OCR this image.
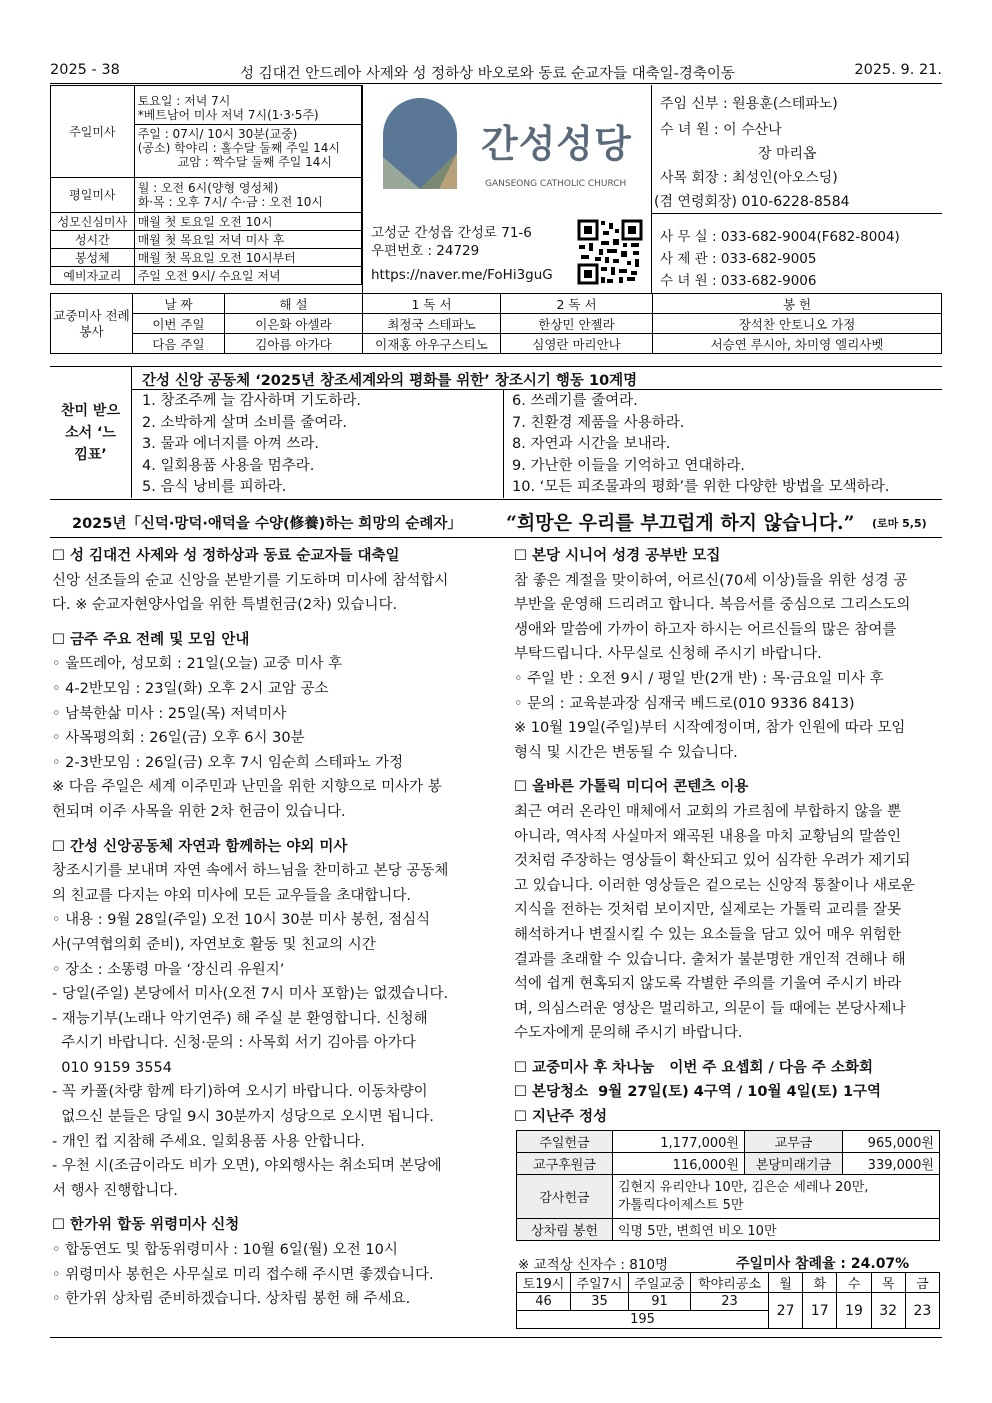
2025 - 38	성 김대건 안드레아 사제와 성 정하상 바오로와 동료 순교자들 대축일-경축이동	2025. 9. 21.
주일미사	토요일 : 저녁 7시
*베트남어 미사 저녁 7시(1·3·5주)
주일 : 07시/ 10시 30분(교중)
(공소) 학야리 : 홀수달 둘째 주일 14시
교암 : 짝수달 둘째 주일 14시

평일미사	월 : 오전 6시(양형 영성체)
화·목 : 오후 7시/ 수·금 : 오전 10시

성모신심미사	매월 첫 토요일 오전 10시
성시간	매월 첫 목요일 저녁 미사 후
봉성체	매월 첫 목요일 오전 10시부터
예비자교리	주일 오전 9시/ 수요일 저녁
간성성당
GANSEONG CATHOLIC CHURCH
고성군 간성읍 간성로 71-6
우편번호 : 24729
https://naver.me/FoHi3guG
주임 신부 : 원용훈(스테파노)
수 녀 원 : 이 수산나
장 마리옵
사목 회장 : 최성인(아오스딩)
(겸 연령회장) 010-6228-8584
사 무 실 : 033-682-9004(F682-8004)
사 제 관 : 033-682-9005
수 녀 원 : 033-682-9006
교중미사 전례봉사	날 짜	해 설	1 독 서	2 독 서	봉 헌
	이번 주일	이은화 아셀라	최정국 스테파노	한상민 안젤라	장석찬 안토니오 가정
	다음 주일	김아름 아가다	이재홍 아우구스티노	심영란 마리안나	서승연 루시아, 차미영 엘리사벳
찬미 받으소서 ‘느낌표’
간성 신앙 공동체 ‘2025년 창조세계와의 평화를 위한’ 창조시기 행동 10계명
1. 창조주께 늘 감사하며 기도하라.
2. 소박하게 살며 소비를 줄여라.
3. 물과 에너지를 아껴 쓰라.
4. 일회용품 사용을 멈추라.
5. 음식 낭비를 피하라.
6. 쓰레기를 줄여라.
7. 친환경 제품을 사용하라.
8. 자연과 시간을 보내라.
9. 가난한 이들을 기억하고 연대하라.
10. ‘모든 피조물과의 평화’를 위한 다양한 방법을 모색하라.
2025년「신덕·망덕·애덕을 수양(修養)하는 희망의 순례자」 “희망은 우리를 부끄럽게 하지 않습니다.” (로마 5,5)
☐ 성 김대건 사제와 성 정하상과 동료 순교자들 대축일
신앙 선조들의 순교 신앙을 본받기를 기도하며 미사에 참석합시
다. ※ 순교자현양사업을 위한 특별헌금(2차) 있습니다.
☐ 금주 주요 전례 및 모임 안내
◦ 울뜨레아, 성모회 : 21일(오늘) 교중 미사 후
◦ 4-2반모임 : 23일(화) 오후 2시 교암 공소
◦ 남북한삶 미사 : 25일(목) 저녁미사
◦ 사목평의회 : 26일(금) 오후 6시 30분
◦ 2-3반모임 : 26일(금) 오후 7시 임순희 스테파노 가정
※ 다음 주일은 세계 이주민과 난민을 위한 지향으로 미사가 봉
헌되며 이주 사목을 위한 2차 헌금이 있습니다.
☐ 간성 신앙공동체 자연과 함께하는 야외 미사
창조시기를 보내며 자연 속에서 하느님을 찬미하고 본당 공동체
의 친교를 다지는 야외 미사에 모든 교우들을 초대합니다.
◦ 내용 : 9월 28일(주일) 오전 10시 30분 미사 봉헌, 점심식
사(구역협의회 준비), 자연보호 활동 및 친교의 시간
◦ 장소 : 소똥령 마을 ‘장신리 유원지’
- 당일(주일) 본당에서 미사(오전 7시 미사 포함)는 없겠습니다.
- 재능기부(노래나 악기연주) 해 주실 분 환영합니다. 신청해
주시기 바랍니다. 신청·문의 : 사목회 서기 김아름 아가다
010 9159 3554
- 꼭 카풀(차량 함께 타기)하여 오시기 바랍니다. 이동차량이
없으신 분들은 당일 9시 30분까지 성당으로 오시면 됩니다.
- 개인 컵 지참해 주세요. 일회용품 사용 안합니다.
- 우천 시(조금이라도 비가 오면), 야외행사는 취소되며 본당에
서 행사 진행합니다.
☐ 한가위 합동 위령미사 신청
◦ 합동연도 및 합동위령미사 : 10월 6일(월) 오전 10시
◦ 위령미사 봉헌은 사무실로 미리 접수해 주시면 좋겠습니다.
◦ 한가위 상차림 준비하겠습니다. 상차림 봉헌 해 주세요.
☐ 본당 시니어 성경 공부반 모집
참 좋은 계절을 맞이하여, 어르신(70세 이상)들을 위한 성경 공
부반을 운영해 드리려고 합니다. 복음서를 중심으로 그리스도의
생애와 말씀에 가까이 하고자 하시는 어르신들의 많은 참여를
부탁드립니다. 사무실로 신청해 주시기 바랍니다.
◦ 주일 반 : 오전 9시 / 평일 반(2개 반) : 목·금요일 미사 후
◦ 문의 : 교육분과장 심재국 베드로(010 9336 8413)
※ 10월 19일(주일)부터 시작예정이며, 참가 인원에 따라 모임
형식 및 시간은 변동될 수 있습니다.
☐ 올바른 가톨릭 미디어 콘텐츠 이용
최근 여러 온라인 매체에서 교회의 가르침에 부합하지 않을 뿐
아니라, 역사적 사실마저 왜곡된 내용을 마치 교황님의 말씀인
것처럼 주장하는 영상들이 확산되고 있어 심각한 우려가 제기되
고 있습니다. 이러한 영상들은 겉으로는 신앙적 통찰이나 새로운
지식을 전하는 것처럼 보이지만, 실제로는 가톨릭 교리를 잘못
해석하거나 변질시킬 수 있는 요소들을 담고 있어 매우 위험한
결과를 초래할 수 있습니다. 출처가 불분명한 개인적 견해나 해
석에 쉽게 현혹되지 않도록 각별한 주의를 기울여 주시기 바라
며, 의심스러운 영상은 멀리하고, 의문이 들 때에는 본당사제나
수도자에게 문의해 주시기 바랍니다.
☐ 교중미사 후 차나눔   이번 주 요셉회 / 다음 주 소화회
☐ 본당청소  9월 27일(토) 4구역 / 10월 4일(토) 1구역
☐ 지난주 정성
주일헌금	1,177,000원	교무금	965,000원
교구후원금	116,000원	본당미래기금	339,000원
감사헌금	김현지 유리안나 10만, 김은순 세레나 20만,
가톨릭다이제스트 5만		

상차림 봉헌	익명 5만, 변희연 비오 10만		
※ 교적상 신자수 : 810명	주일미사 참례율 : 24.07%
토19시	주일7시	주일교중	학야리공소	월	화	수	목	금
46	35	91	23	27	17	19	32	23
195								
